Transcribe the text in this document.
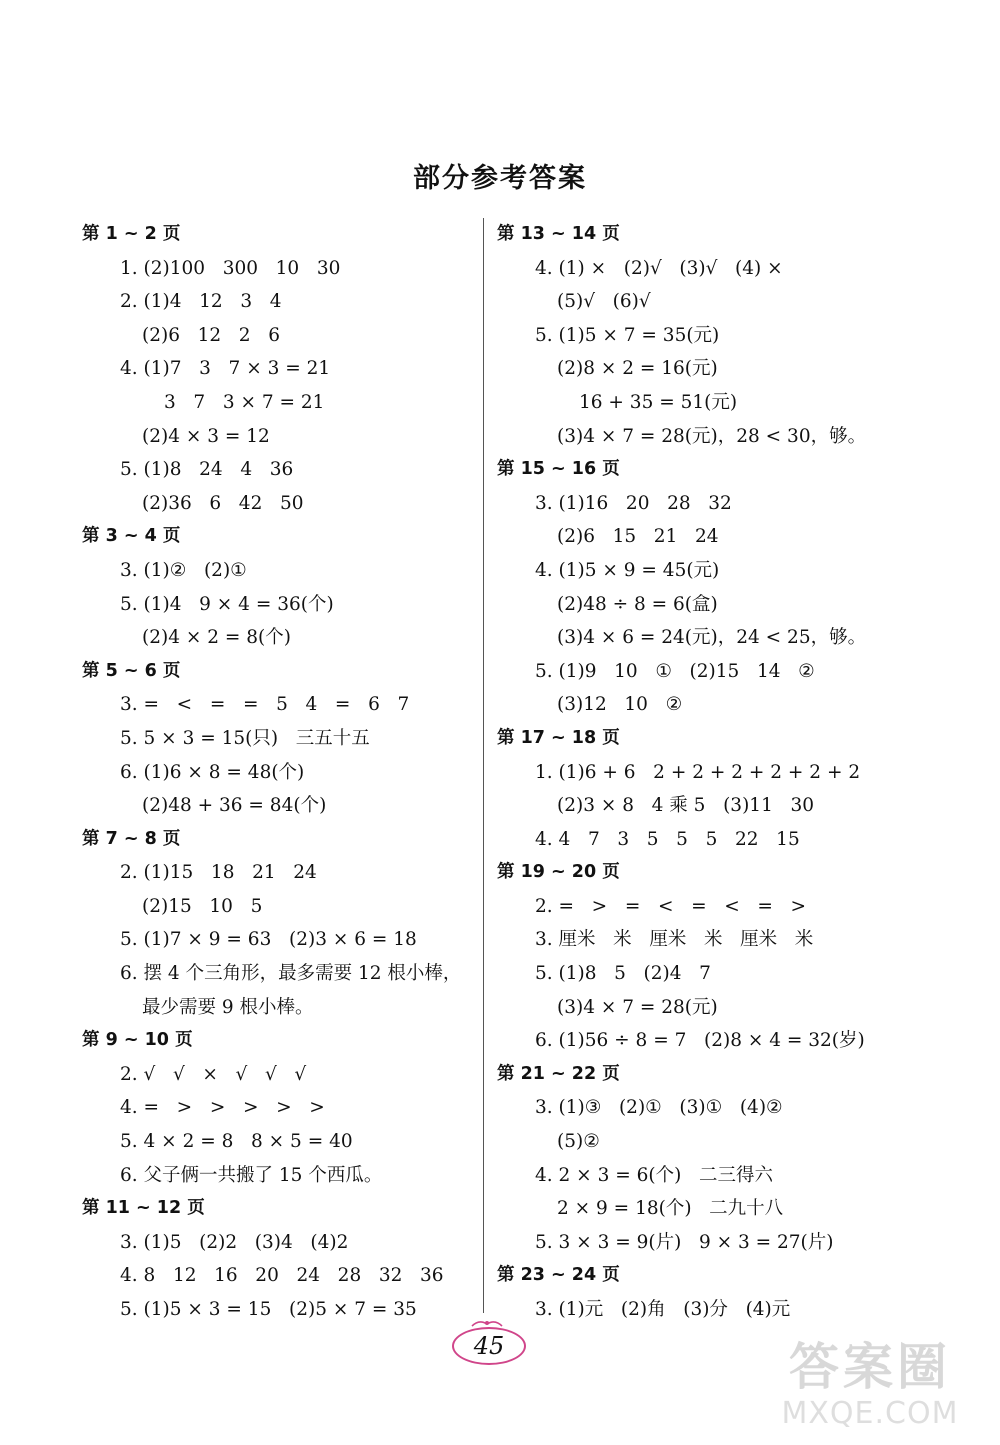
部分参考答案
第 1 ~ 2 页
1. (2)100   300   10   30
2. (1)4   12   3   4
(2)6   12   2   6
4. (1)7   3   7 × 3 = 21
3   7   3 × 7 = 21
(2)4 × 3 = 12
5. (1)8   24   4   36
(2)36   6   42   50
第 3 ~ 4 页
3. (1)②   (2)①
5. (1)4   9 × 4 = 36(个)
(2)4 × 2 = 8(个)
第 5 ~ 6 页
3. =   <   =   =   5   4   =   6   7
5. 5 × 3 = 15(只)   三五十五
6. (1)6 × 8 = 48(个)
(2)48 + 36 = 84(个)
第 7 ~ 8 页
2. (1)15   18   21   24
(2)15   10   5
5. (1)7 × 9 = 63   (2)3 × 6 = 18
6. 摆 4 个三角形，最多需要 12 根小棒，
最少需要 9 根小棒。
第 9 ~ 10 页
2. √   √   ×   √   √   √
4. =   >   >   >   >   >
5. 4 × 2 = 8   8 × 5 = 40
6. 父子俩一共搬了 15 个西瓜。
第 11 ~ 12 页
3. (1)5   (2)2   (3)4   (4)2
4. 8   12   16   20   24   28   32   36
5. (1)5 × 3 = 15   (2)5 × 7 = 35
第 13 ~ 14 页
4. (1) ×   (2)√   (3)√   (4) ×
(5)√   (6)√
5. (1)5 × 7 = 35(元)
(2)8 × 2 = 16(元)
16 + 35 = 51(元)
(3)4 × 7 = 28(元)，28 < 30，够。
第 15 ~ 16 页
3. (1)16   20   28   32
(2)6   15   21   24
4. (1)5 × 9 = 45(元)
(2)48 ÷ 8 = 6(盒)
(3)4 × 6 = 24(元)，24 < 25，够。
5. (1)9   10   ①   (2)15   14   ②
(3)12   10   ②
第 17 ~ 18 页
1. (1)6 + 6   2 + 2 + 2 + 2 + 2 + 2
(2)3 × 8   4 乘 5   (3)11   30
4. 4   7   3   5   5   5   22   15
第 19 ~ 20 页
2. =   >   =   <   =   <   =   >
3. 厘米   米   厘米   米   厘米   米
5. (1)8   5   (2)4   7
(3)4 × 7 = 28(元)
6. (1)56 ÷ 8 = 7   (2)8 × 4 = 32(岁)
第 21 ~ 22 页
3. (1)③   (2)①   (3)①   (4)②
(5)②
4. 2 × 3 = 6(个)   二三得六
2 × 9 = 18(个)   二九十八
5. 3 × 3 = 9(片)   9 × 3 = 27(片)
第 23 ~ 24 页
3. (1)元   (2)角   (3)分   (4)元
45	答案圈
MXQE.COM
